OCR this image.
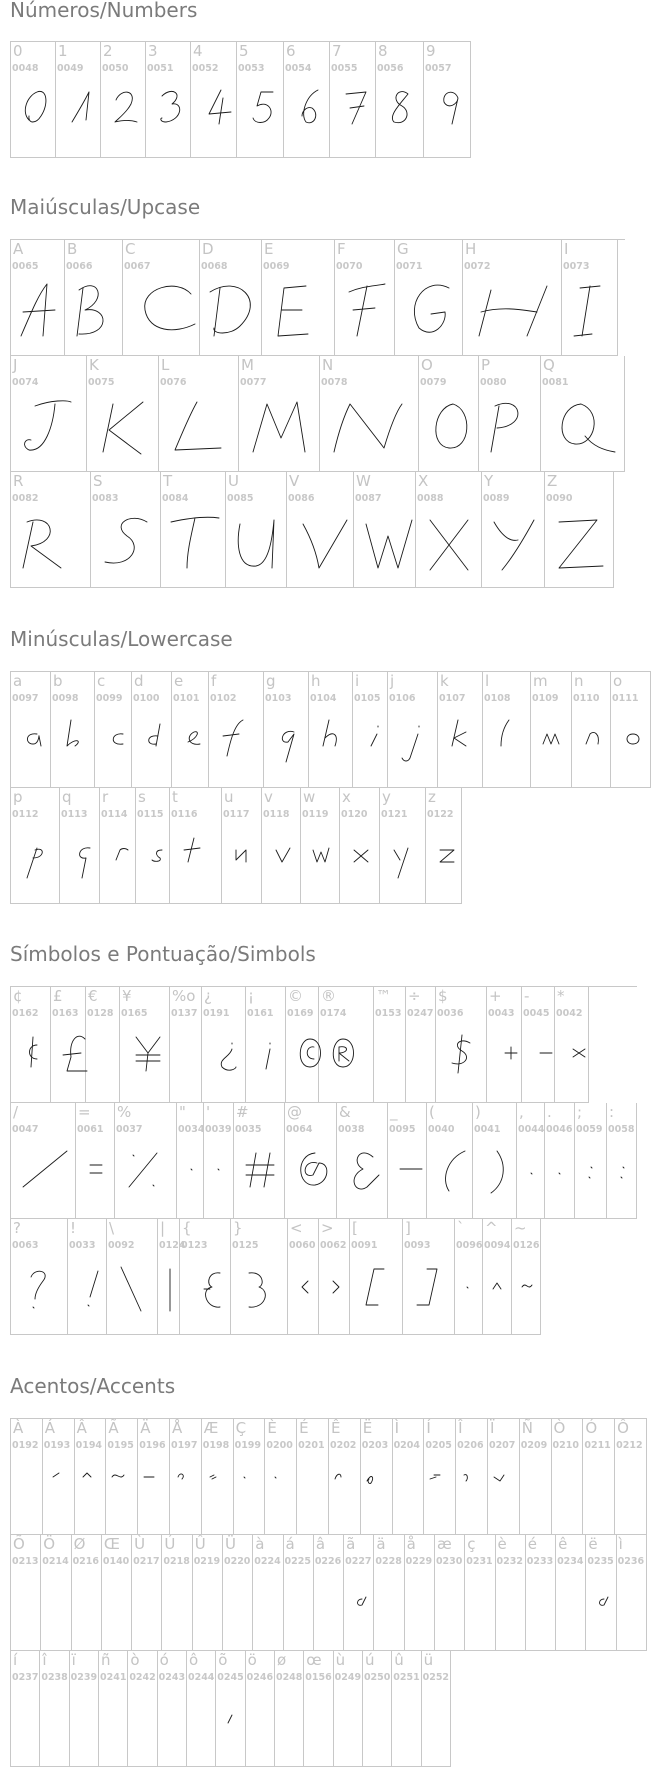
Números/Numbers
Maiúsculas/Upcase
Minúsculas/Lowercase
Símbolos e Pontuação/Simbols
Acentos/Accents
0
0048
1
0049
2
0050
3
0051
4
0052
5
0053
6
0054
7
0055
8
0056
9
0057
A
0065
B
0066
C
0067
D
0068
E
0069
F
0070
G
0071
H
0072
I
0073
J
0074
K
0075
L
0076
M
0077
N
0078
O
0079
P
0080
Q
0081
R
0082
S
0083
T
0084
U
0085
V
0086
W
0087
X
0088
Y
0089
Z
0090
a
0097
b
0098
c
0099
d
0100
e
0101
f
0102
g
0103
h
0104
i
0105
j
0106
k
0107
l
0108
m
0109
n
0110
o
0111
p
0112
q
0113
r
0114
s
0115
t
0116
u
0117
v
0118
w
0119
x
0120
y
0121
z
0122
¢
0162
£
0163
€
0128
¥
0165
%o
0137
¿
0191
¡
0161
©
0169
®
0174
™
0153
÷
0247
$
0036
+
0043
-
0045
*
0042
/
0047
=
0061
%
0037
"
0034
'
0039
#
0035
@
0064
&
0038
_
0095
(
0040
)
0041
,
0044
.
0046
;
0059
:
0058
?
0063
!
0033
\
0092
|
0124
{
0123
}
0125
<
0060
>
0062
[
0091
]
0093
`
0096
^
0094
~
0126
À
0192
Á
0193
Â
0194
Ã
0195
Ä
0196
Å
0197
Æ
0198
Ç
0199
È
0200
É
0201
Ê
0202
Ë
0203
Ì
0204
Í
0205
Î
0206
Ï
0207
Ñ
0209
Ò
0210
Ó
0211
Ô
0212
Õ
0213
Ö
0214
Ø
0216
Œ
0140
Ù
0217
Ú
0218
Û
0219
Ü
0220
à
0224
á
0225
â
0226
ã
0227
ä
0228
å
0229
æ
0230
ç
0231
è
0232
é
0233
ê
0234
ë
0235
ì
0236
í
0237
î
0238
ï
0239
ñ
0241
ò
0242
ó
0243
ô
0244
õ
0245
ö
0246
ø
0248
œ
0156
ù
0249
ú
0250
û
0251
ü
0252
